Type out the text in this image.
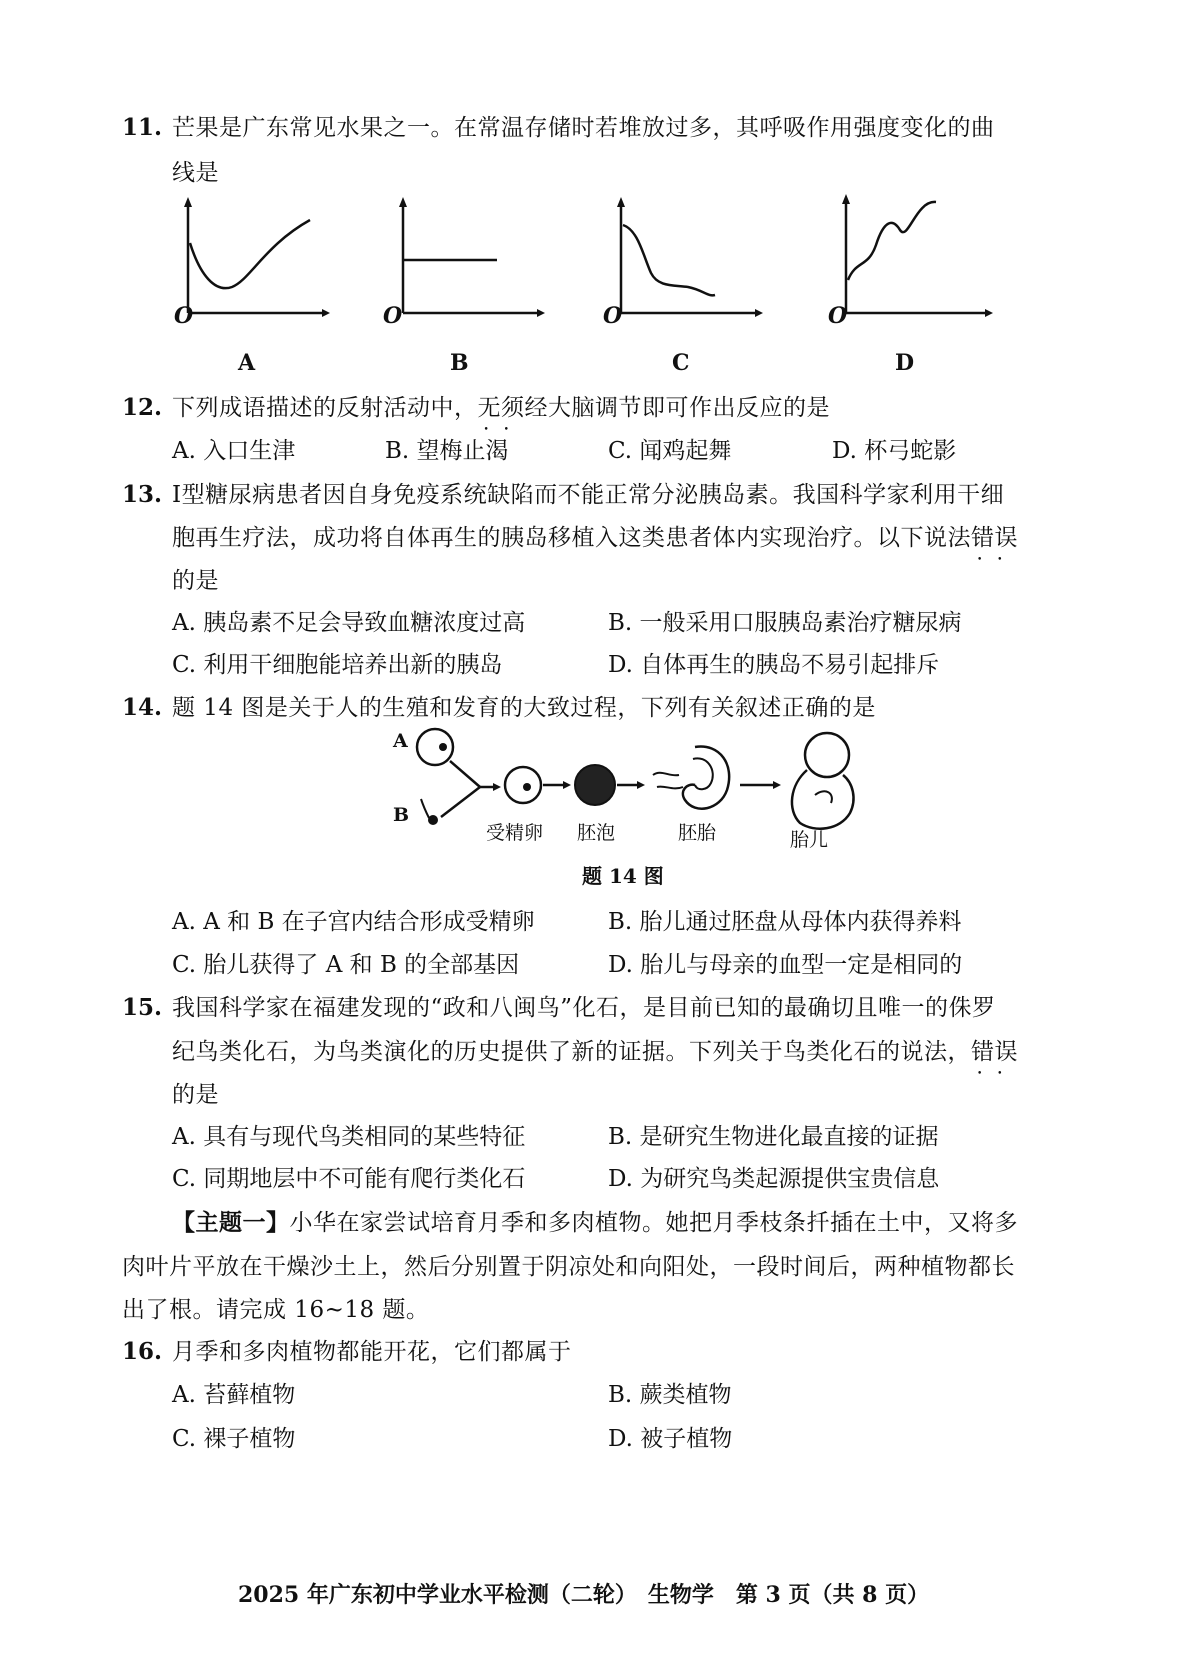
11. 芒果是广东常见水果之一。在常温存储时若堆放过多，其呼吸作用强度变化的曲
线是
O
A
O
B
O
C
O
D
12. 下列成语描述的反射活动中，无须 • •经大脑调节即可作出反应的是
A. 入口生津	B. 望梅止渴	C. 闻鸡起舞	D. 杯弓蛇影
13. Ⅰ型糖尿病患者因自身免疫系统缺陷而不能正常分泌胰岛素。我国科学家利用干细
胞再生疗法，成功将自体再生的胰岛移植入这类患者体内实现治疗。以下说法错误 • •
的是
A. 胰岛素不足会导致血糖浓度过高	B. 一般采用口服胰岛素治疗糖尿病
C. 利用干细胞能培养出新的胰岛	D. 自体再生的胰岛不易引起排斥
14. 题 14 图是关于人的生殖和发育的大致过程，下列有关叙述正确的是
A
B
受精卵 胚泡	胚胎	胎儿
题 14 图
A. A 和 B 在子宫内结合形成受精卵	B. 胎儿通过胚盘从母体内获得养料
C. 胎儿获得了 A 和 B 的全部基因	D. 胎儿与母亲的血型一定是相同的
15. 我国科学家在福建发现的“政和八闽鸟”化石，是目前已知的最确切且唯一的侏罗
纪鸟类化石，为鸟类演化的历史提供了新的证据。下列关于鸟类化石的说法，错误 • •
的是
A. 具有与现代鸟类相同的某些特征	B. 是研究生物进化最直接的证据
C. 同期地层中不可能有爬行类化石	D. 为研究鸟类起源提供宝贵信息
【主题一】小华在家尝试培育月季和多肉植物。她把月季枝条扦插在土中，又将多
肉叶片平放在干燥沙土上，然后分别置于阴凉处和向阳处，一段时间后，两种植物都长
出了根。请完成 16~18 题。
16. 月季和多肉植物都能开花，它们都属于
A. 苔藓植物	B. 蕨类植物
C. 裸子植物	D. 被子植物
2025 年广东初中学业水平检测（二轮）　生物学　第 3 页（共 8 页）
